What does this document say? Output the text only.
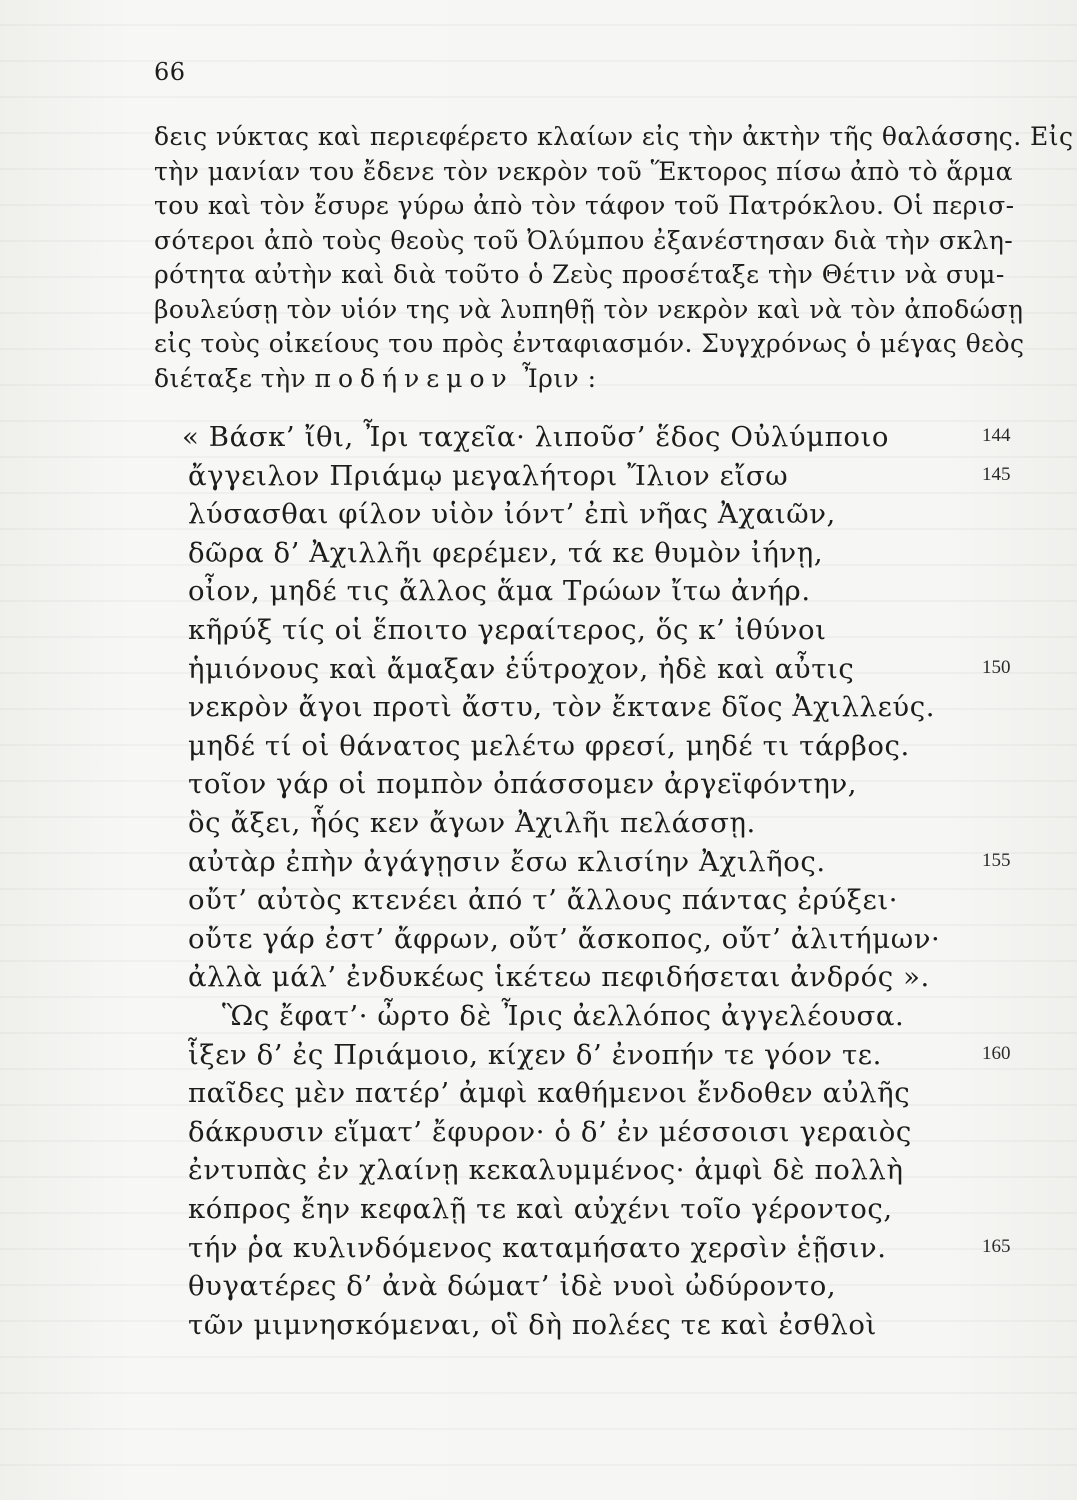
66
δεις νύκτας καὶ περιεφέρετο κλαίων εἰς τὴν ἀκτὴν τῆς θαλάσσης. Εἰς
τὴν μανίαν του ἔδενε τὸν νεκρὸν τοῦ Ἕκτορος πίσω ἀπὸ τὸ ἅρμα
του καὶ τὸν ἔσυρε γύρω ἀπὸ τὸν τάφον τοῦ Πατρόκλου. Οἱ περισ-
σότεροι ἀπὸ τοὺς θεοὺς τοῦ Ὀλύμπου ἐξανέστησαν διὰ τὴν σκλη-
ρότητα αὐτὴν καὶ διὰ τοῦτο ὁ Ζεὺς προσέταξε τὴν Θέτιν νὰ συμ-
βουλεύσῃ τὸν υἱόν της νὰ λυπηθῇ τὸν νεκρὸν καὶ νὰ τὸν ἀποδώσῃ
εἰς τοὺς οἰκείους του πρὸς ἐνταφιασμόν. Συγχρόνως ὁ μέγας θεὸς
διέταξε τὴν ποδήνεμον Ἶριν :
« Βάσκ’ ἴθι, Ἶρι ταχεῖα· λιποῦσ’ ἕδος Οὐλύμποιο	144
ἄγγειλον Πριάμῳ μεγαλήτορι Ἴλιον εἴσω	145
λύσασθαι φίλον υἱὸν ἰόντ’ ἐπὶ νῆας Ἀχαιῶν,
δῶρα δ’ Ἀχιλλῆι φερέμεν, τά κε θυμὸν ἰήνῃ,
οἶον, μηδέ τις ἄλλος ἅμα Τρώων ἴτω ἀνήρ.
κῆρύξ τίς οἱ ἕποιτο γεραίτερος, ὅς κ’ ἰθύνοι
ἡμιόνους καὶ ἄμαξαν ἐΰτροχον, ἠδὲ καὶ αὖτις	150
νεκρὸν ἄγοι προτὶ ἄστυ, τὸν ἔκτανε δῖος Ἀχιλλεύς.
μηδέ τί οἱ θάνατος μελέτω φρεσί, μηδέ τι τάρβος.
τοῖον γάρ οἱ πομπὸν ὀπάσσομεν ἀργεϊφόντην,
ὃς ἄξει, ἧός κεν ἄγων Ἀχιλῆι πελάσσῃ.
αὐτὰρ ἐπὴν ἀγάγῃσιν ἔσω κλισίην Ἀχιλῆος.	155
οὔτ’ αὐτὸς κτενέει ἀπό τ’ ἄλλους πάντας ἐρύξει·
οὔτε γάρ ἐστ’ ἄφρων, οὔτ’ ἄσκοπος, οὔτ’ ἀλιτήμων·
ἀλλὰ μάλ’ ἐνδυκέως ἱκέτεω πεφιδήσεται ἀνδρός ».
Ὣς ἔφατ’· ὦρτο δὲ Ἶρις ἀελλόπος ἀγγελέουσα.
ἷξεν δ’ ἐς Πριάμοιο, κίχεν δ’ ἐνοπήν τε γόον τε.	160
παῖδες μὲν πατέρ’ ἀμφὶ καθήμενοι ἔνδοθεν αὐλῆς
δάκρυσιν εἵματ’ ἔφυρον· ὁ δ’ ἐν μέσσοισι γεραιὸς
ἐντυπὰς ἐν χλαίνῃ κεκαλυμμένος· ἀμφὶ δὲ πολλὴ
κόπρος ἔην κεφαλῇ τε καὶ αὐχένι τοῖο γέροντος,
τήν ῥα κυλινδόμενος καταμήσατο χερσὶν ἑῇσιν.	165
θυγατέρες δ’ ἀνὰ δώματ’ ἰδὲ νυοὶ ὠδύροντο,
τῶν μιμνησκόμεναι, οἳ δὴ πολέες τε καὶ ἐσθλοὶ
